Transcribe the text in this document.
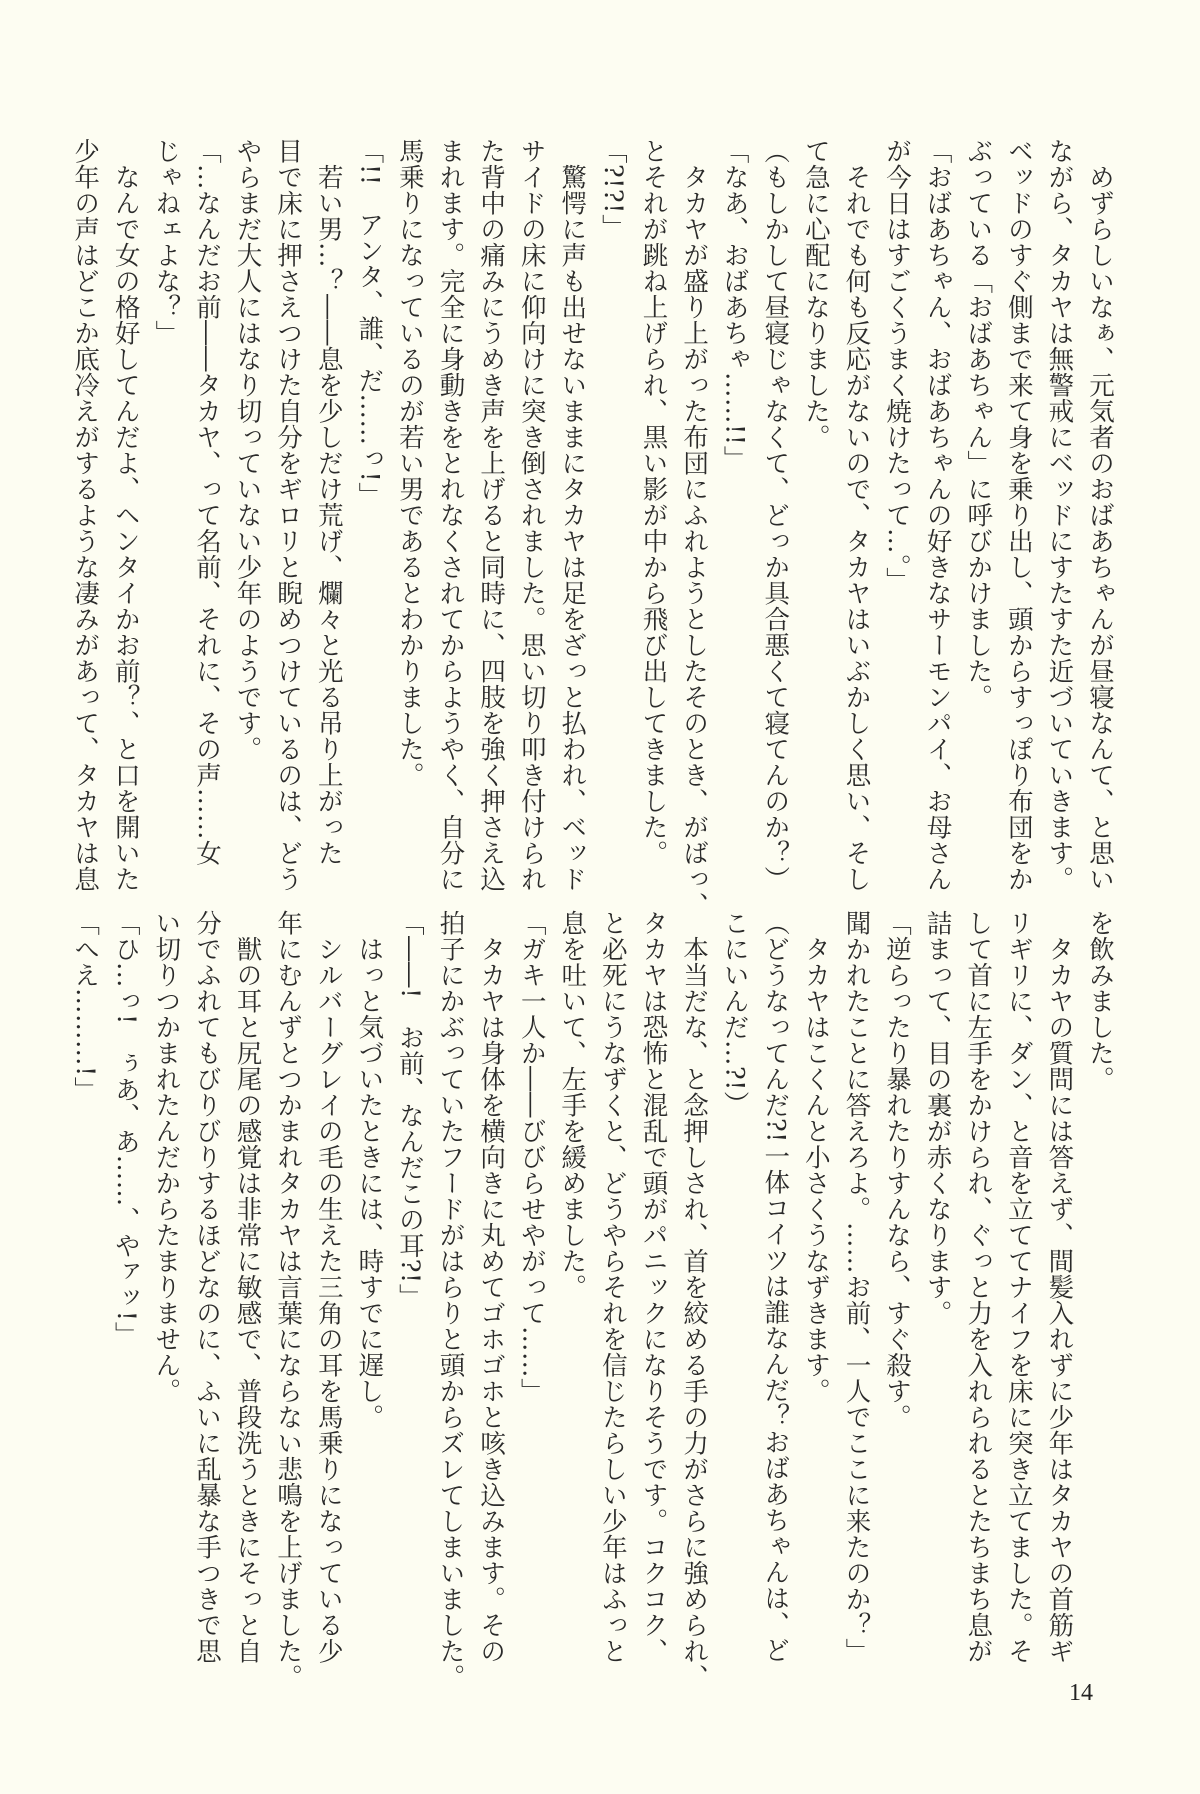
　めずらしいなぁ、元気者のおばあちゃんが昼寝なんて、と思い
ながら、タカヤは無警戒にベッドにすたすた近づいていきます。
ベッドのすぐ側まで来て身を乗り出し、頭からすっぽり布団をか
ぶっている「おばあちゃん」に呼びかけました。
「おばあちゃん、おばあちゃんの好きなサーモンパイ、お母さん
が今日はすごくうまく焼けたって…。」
　それでも何も反応がないので、タカヤはいぶかしく思い、そし
て急に心配になりました。
（もしかして昼寝じゃなくて、どっか具合悪くて寝てんのか？）
「なあ、おばあちゃ……!!」
　タカヤが盛り上がった布団にふれようとしたそのとき、がばっ、
とそれが跳ね上げられ、黒い影が中から飛び出してきました。
「?!?!」
　驚愕に声も出せないままにタカヤは足をざっと払われ、ベッド
サイドの床に仰向けに突き倒されました。思い切り叩き付けられ
た背中の痛みにうめき声を上げると同時に、四肢を強く押さえ込
まれます。完全に身動きをとれなくされてからようやく、自分に
馬乗りになっているのが若い男であるとわかりました。
「!!　アンタ、誰、だ……っ!」
　若い男…？――息を少しだけ荒げ、爛々と光る吊り上がった
目で床に押さえつけた自分をギロリと睨めつけているのは、どう
やらまだ大人にはなり切っていない少年のようです。
「…なんだお前――タカヤ、って名前、それに、その声……女
じゃねェよな？」
　なんで女の格好してんだよ、ヘンタイかお前？、と口を開いた
少年の声はどこか底冷えがするような凄みがあって、タカヤは息
を飲みました。
　タカヤの質問には答えず、間髪入れずに少年はタカヤの首筋ギ
リギリに、ダン、と音を立ててナイフを床に突き立てました。そ
して首に左手をかけられ、ぐっと力を入れられるとたちまち息が
詰まって、目の裏が赤くなります。
「逆らったり暴れたりすんなら、すぐ殺す。
聞かれたことに答えろよ。……お前、一人でここに来たのか？」
　タカヤはこくんと小さくうなずきます。
（どうなってんだ?!一体コイツは誰なんだ？おばあちゃんは、ど
こにいんだ…?!）
　本当だな、と念押しされ、首を絞める手の力がさらに強められ、
タカヤは恐怖と混乱で頭がパニックになりそうです。コクコク、
と必死にうなずくと、どうやらそれを信じたらしい少年はふっと
息を吐いて、左手を緩めました。
「ガキ一人か――びびらせやがって……」
　タカヤは身体を横向きに丸めてゴホゴホと咳き込みます。その
拍子にかぶっていたフードがはらりと頭からズレてしまいました。
「――!　お前、なんだこの耳?!」
　はっと気づいたときには、時すでに遅し。
　シルバーグレイの毛の生えた三角の耳を馬乗りになっている少
年にむんずとつかまれタカヤは言葉にならない悲鳴を上げました。
　獣の耳と尻尾の感覚は非常に敏感で、普段洗うときにそっと自
分でふれてもびりびりするほどなのに、ふいに乱暴な手つきで思
い切りつかまれたんだからたまりません。
「ひ…っ!　ぅあ、あ……、やァッ!」
「へえ………!」
14
